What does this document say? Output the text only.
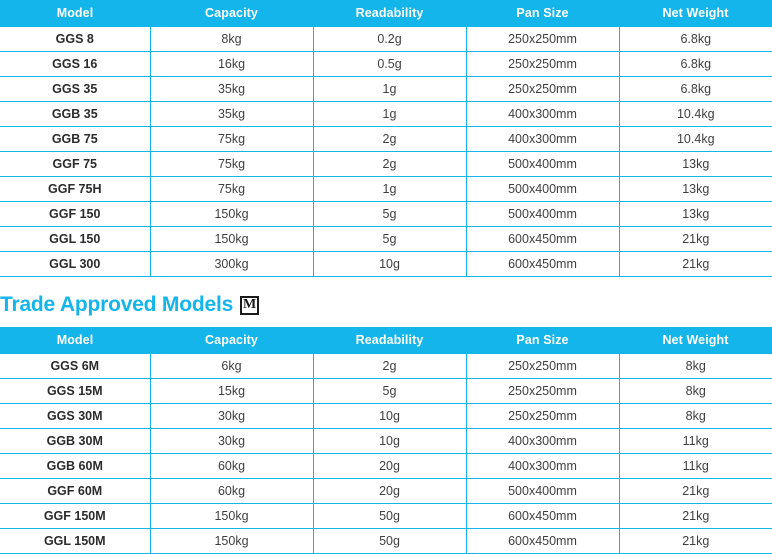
Model	Capacity	Readability	Pan Size	Net Weight
GGS 8	8kg	0.2g	250x250mm	6.8kg
GGS 16	16kg	0.5g	250x250mm	6.8kg
GGS 35	35kg	1g	250x250mm	6.8kg
GGB 35	35kg	1g	400x300mm	10.4kg
GGB 75	75kg	2g	400x300mm	10.4kg
GGF 75	75kg	2g	500x400mm	13kg
GGF 75H	75kg	1g	500x400mm	13kg
GGF 150	150kg	5g	500x400mm	13kg
GGL 150	150kg	5g	600x450mm	21kg
GGL 300	300kg	10g	600x450mm	21kg
Trade Approved Models M
Model	Capacity	Readability	Pan Size	Net Weight
GGS 6M	6kg	2g	250x250mm	8kg
GGS 15M	15kg	5g	250x250mm	8kg
GGS 30M	30kg	10g	250x250mm	8kg
GGB 30M	30kg	10g	400x300mm	11kg
GGB 60M	60kg	20g	400x300mm	11kg
GGF 60M	60kg	20g	500x400mm	21kg
GGF 150M	150kg	50g	600x450mm	21kg
GGL 150M	150kg	50g	600x450mm	21kg
